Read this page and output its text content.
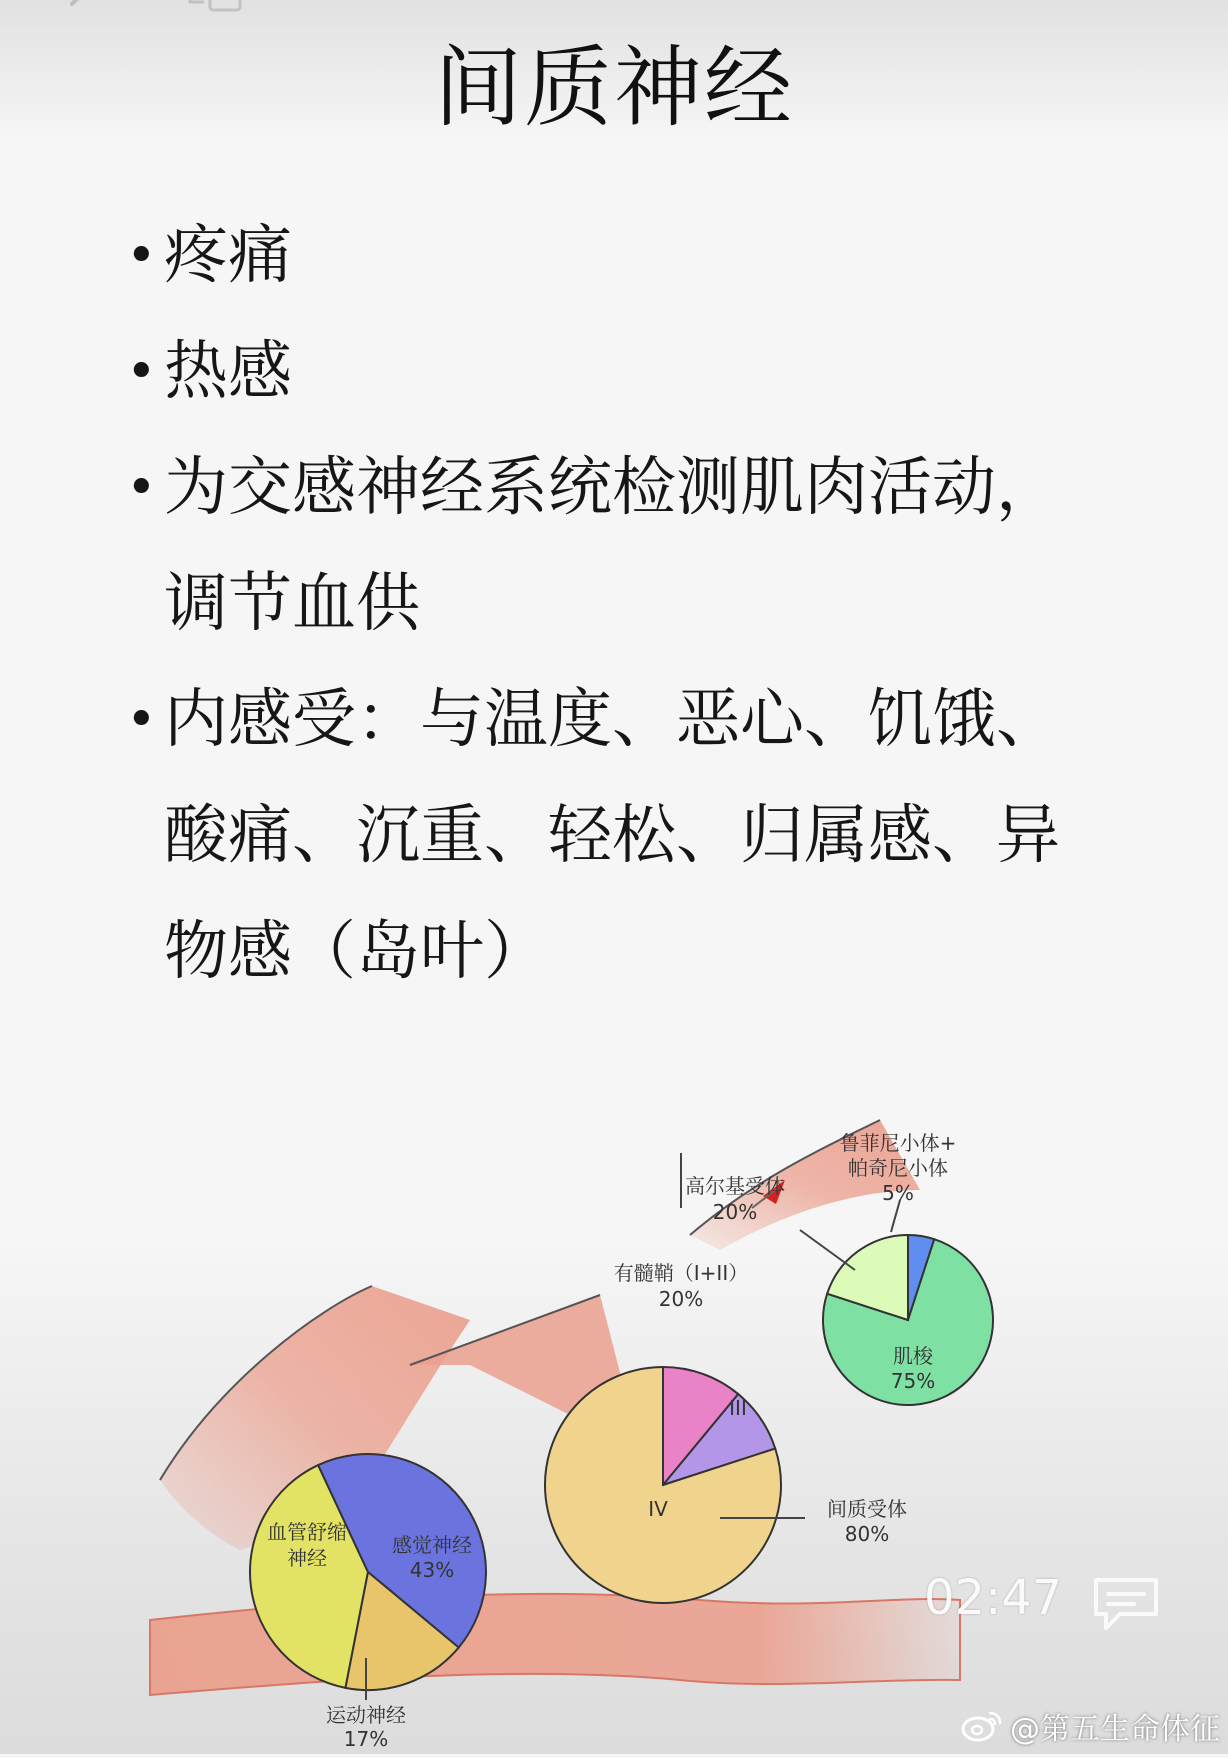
间质神经
• 疼痛
• 热感
• 为交感神经系统检测肌肉活动，
调节血供
• 内感受：与温度、恶心、饥饿、
酸痛、沉重、轻松、归属感、异
物感（岛叶）
血管舒缩
神经
感觉神经
43%
运动神经
17%
有髓鞘（I+II）
20%
III
IV	间质受体
80%
高尔基受体
20%
鲁菲尼小体+
帕奇尼小体
5%
肌梭
75%
02:47
@第五生命体征
